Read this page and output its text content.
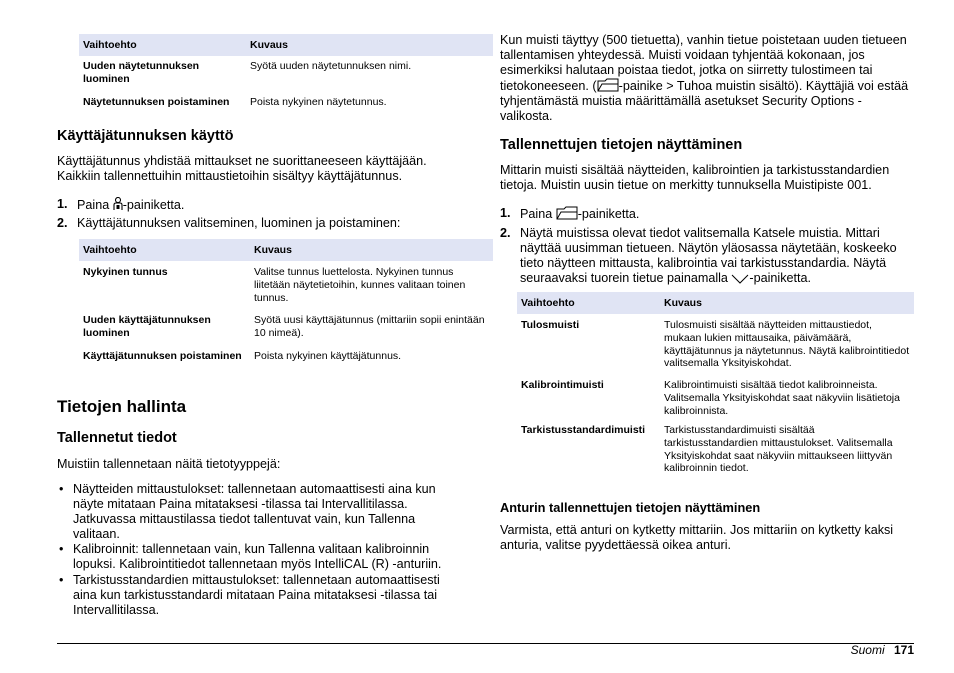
Vaihtoehto	Kuvaus
Uuden näytetunnuksen luominen	Syötä uuden näytetunnuksen nimi.
Näytetunnuksen poistaminen	Poista nykyinen näytetunnus.
Käyttäjätunnuksen käyttö

Käyttäjätunnus yhdistää mittaukset ne suorittaneeseen käyttäjään. Kaikkiin tallennettuihin mittaustietoihin sisältyy käyttäjätunnus.

1. Paina -painiketta.
2. Käyttäjätunnuksen valitseminen, luominen ja poistaminen:
Vaihtoehto	Kuvaus
Nykyinen tunnus	Valitse tunnus luettelosta. Nykyinen tunnus liitetään näytetietoihin, kunnes valitaan toinen tunnus.
Uuden käyttäjätunnuksen luominen	Syötä uusi käyttäjätunnus (mittariin sopii enintään 10 nimeä).
Käyttäjätunnuksen poistaminen	Poista nykyinen käyttäjätunnus.
Tietojen hallinta
Tallennetut tiedot

Muistiin tallennetaan näitä tietotyyppejä:

• Näytteiden mittaustulokset: tallennetaan automaattisesti aina kun näyte mitataan Paina mitataksesi -tilassa tai Intervallitilassa. Jatkuvassa mittaustilassa tiedot tallentuvat vain, kun Tallenna valitaan.
• Kalibroinnit: tallennetaan vain, kun Tallenna valitaan kalibroinnin lopuksi. Kalibrointitiedot tallennetaan myös IntelliCAL (R) -anturiin.
• Tarkistusstandardien mittaustulokset: tallennetaan automaattisesti aina kun tarkistusstandardi mitataan Paina mitataksesi -tilassa tai Intervallitilassa.

Kun muisti täyttyy (500 tietuetta), vanhin tietue poistetaan uuden tietueen tallentamisen yhteydessä. Muisti voidaan tyhjentää kokonaan, jos esimerkiksi halutaan poistaa tiedot, jotka on siirretty tulostimeen tai

tietokoneeseen. ( -painike > Tuhoa muistin sisältö). Käyttäjiä voi estää tyhjentämästä muistia määrittämällä asetukset Security Options -valikosta.

Tallennettujen tietojen näyttäminen

Mittarin muisti sisältää näytteiden, kalibrointien ja tarkistusstandardien tietoja. Muistin uusin tietue on merkitty tunnuksella Muistipiste 001.

1. Paina -painiketta.
2. Näytä muistissa olevat tiedot valitsemalla Katsele muistia. Mittari näyttää uusimman tietueen. Näytön yläosassa näytetään, koskeeko tieto näytteen mittausta, kalibrointia vai tarkistusstandardia. Näytä seuraavaksi tuorein tietue painamalla -painiketta.
Vaihtoehto	Kuvaus
Tulosmuisti	Tulosmuisti sisältää näytteiden mittaustiedot, mukaan lukien mittausaika, päivämäärä, käyttäjätunnus ja näytetunnus. Näytä kalibrointitiedot valitsemalla Yksityiskohdat.
Kalibrointimuisti	Kalibrointimuisti sisältää tiedot kalibroinneista. Valitsemalla Yksityiskohdat saat näkyviin lisätietoja kalibroinnista.
Tarkistusstandardimuisti	Tarkistusstandardimuisti sisältää tarkistusstandardien mittaustulokset. Valitsemalla Yksityiskohdat saat näkyviin mittaukseen liittyvän kalibroinnin tiedot.
Anturin tallennettujen tietojen näyttäminen

Varmista, että anturi on kytketty mittariin. Jos mittariin on kytketty kaksi anturia, valitse pyydettäessä oikea anturi.

Suomi 171
